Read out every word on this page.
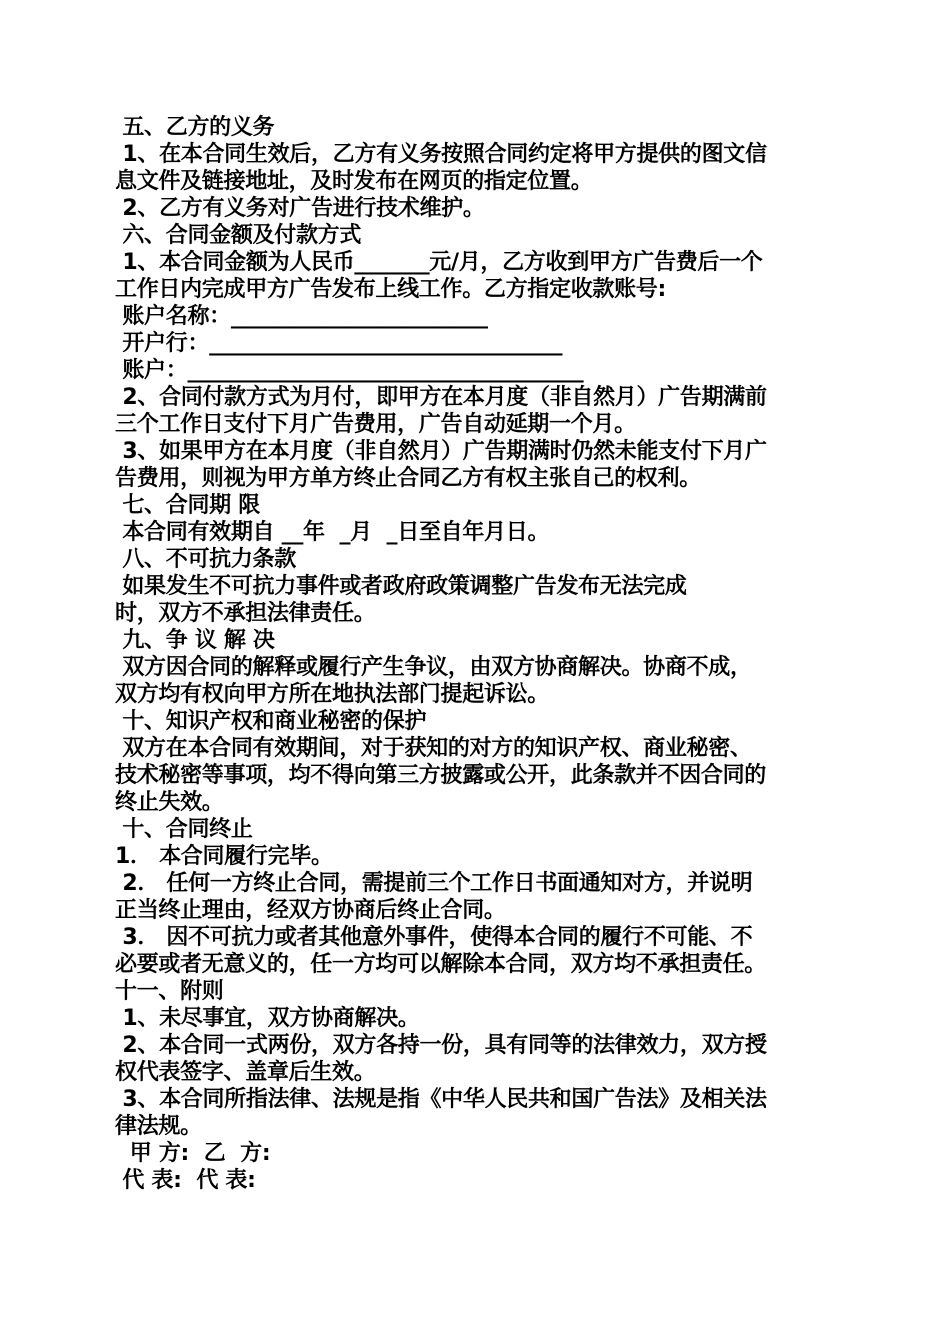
五、乙方的义务
1、在本合同生效后，乙方有义务按照合同约定将甲方提供的图文信
息文件及链接地址，及时发布在网页的指定位置。
2、乙方有义务对广告进行技术维护。
六、合同金额及付款方式
1、本合同金额为人民币_______元/月，乙方收到甲方广告费后一个
工作日内完成甲方广告发布上线工作。乙方指定收款账号:
账户名称：________________________
开户行：_________________________________
账户：_____________________________________
2、合同付款方式为月付，即甲方在本月度（非自然月）广告期满前
三个工作日支付下月广告费用，广告自动延期一个月。
3、如果甲方在本月度（非自然月）广告期满时仍然未能支付下月广
告费用，则视为甲方单方终止合同乙方有权主张自己的权利。
七、合同期 限
本合同有效期自 __年  _月  _日至自年月日。
八、不可抗力条款
如果发生不可抗力事件或者政府政策调整广告发布无法完成
时，双方不承担法律责任。
九、争 议 解 决
双方因合同的解释或履行产生争议，由双方协商解决。协商不成，
双方均有权向甲方所在地执法部门提起诉讼。
十、知识产权和商业秘密的保护
双方在本合同有效期间，对于获知的对方的知识产权、商业秘密、
技术秘密等事项，均不得向第三方披露或公开，此条款并不因合同的
终止失效。
十、合同终止
1． 本合同履行完毕。
2． 任何一方终止合同，需提前三个工作日书面通知对方，并说明
正当终止理由，经双方协商后终止合同。
3． 因不可抗力或者其他意外事件，使得本合同的履行不可能、不
必要或者无意义的，任一方均可以解除本合同，双方均不承担责任。
十一、附则
1、未尽事宜，双方协商解决。
2、本合同一式两份，双方各持一份，具有同等的法律效力，双方授
权代表签字、盖章后生效。
3、本合同所指法律、法规是指《中华人民共和国广告法》及相关法
律法规。
甲 方:  乙  方:
代 表:  代 表:
